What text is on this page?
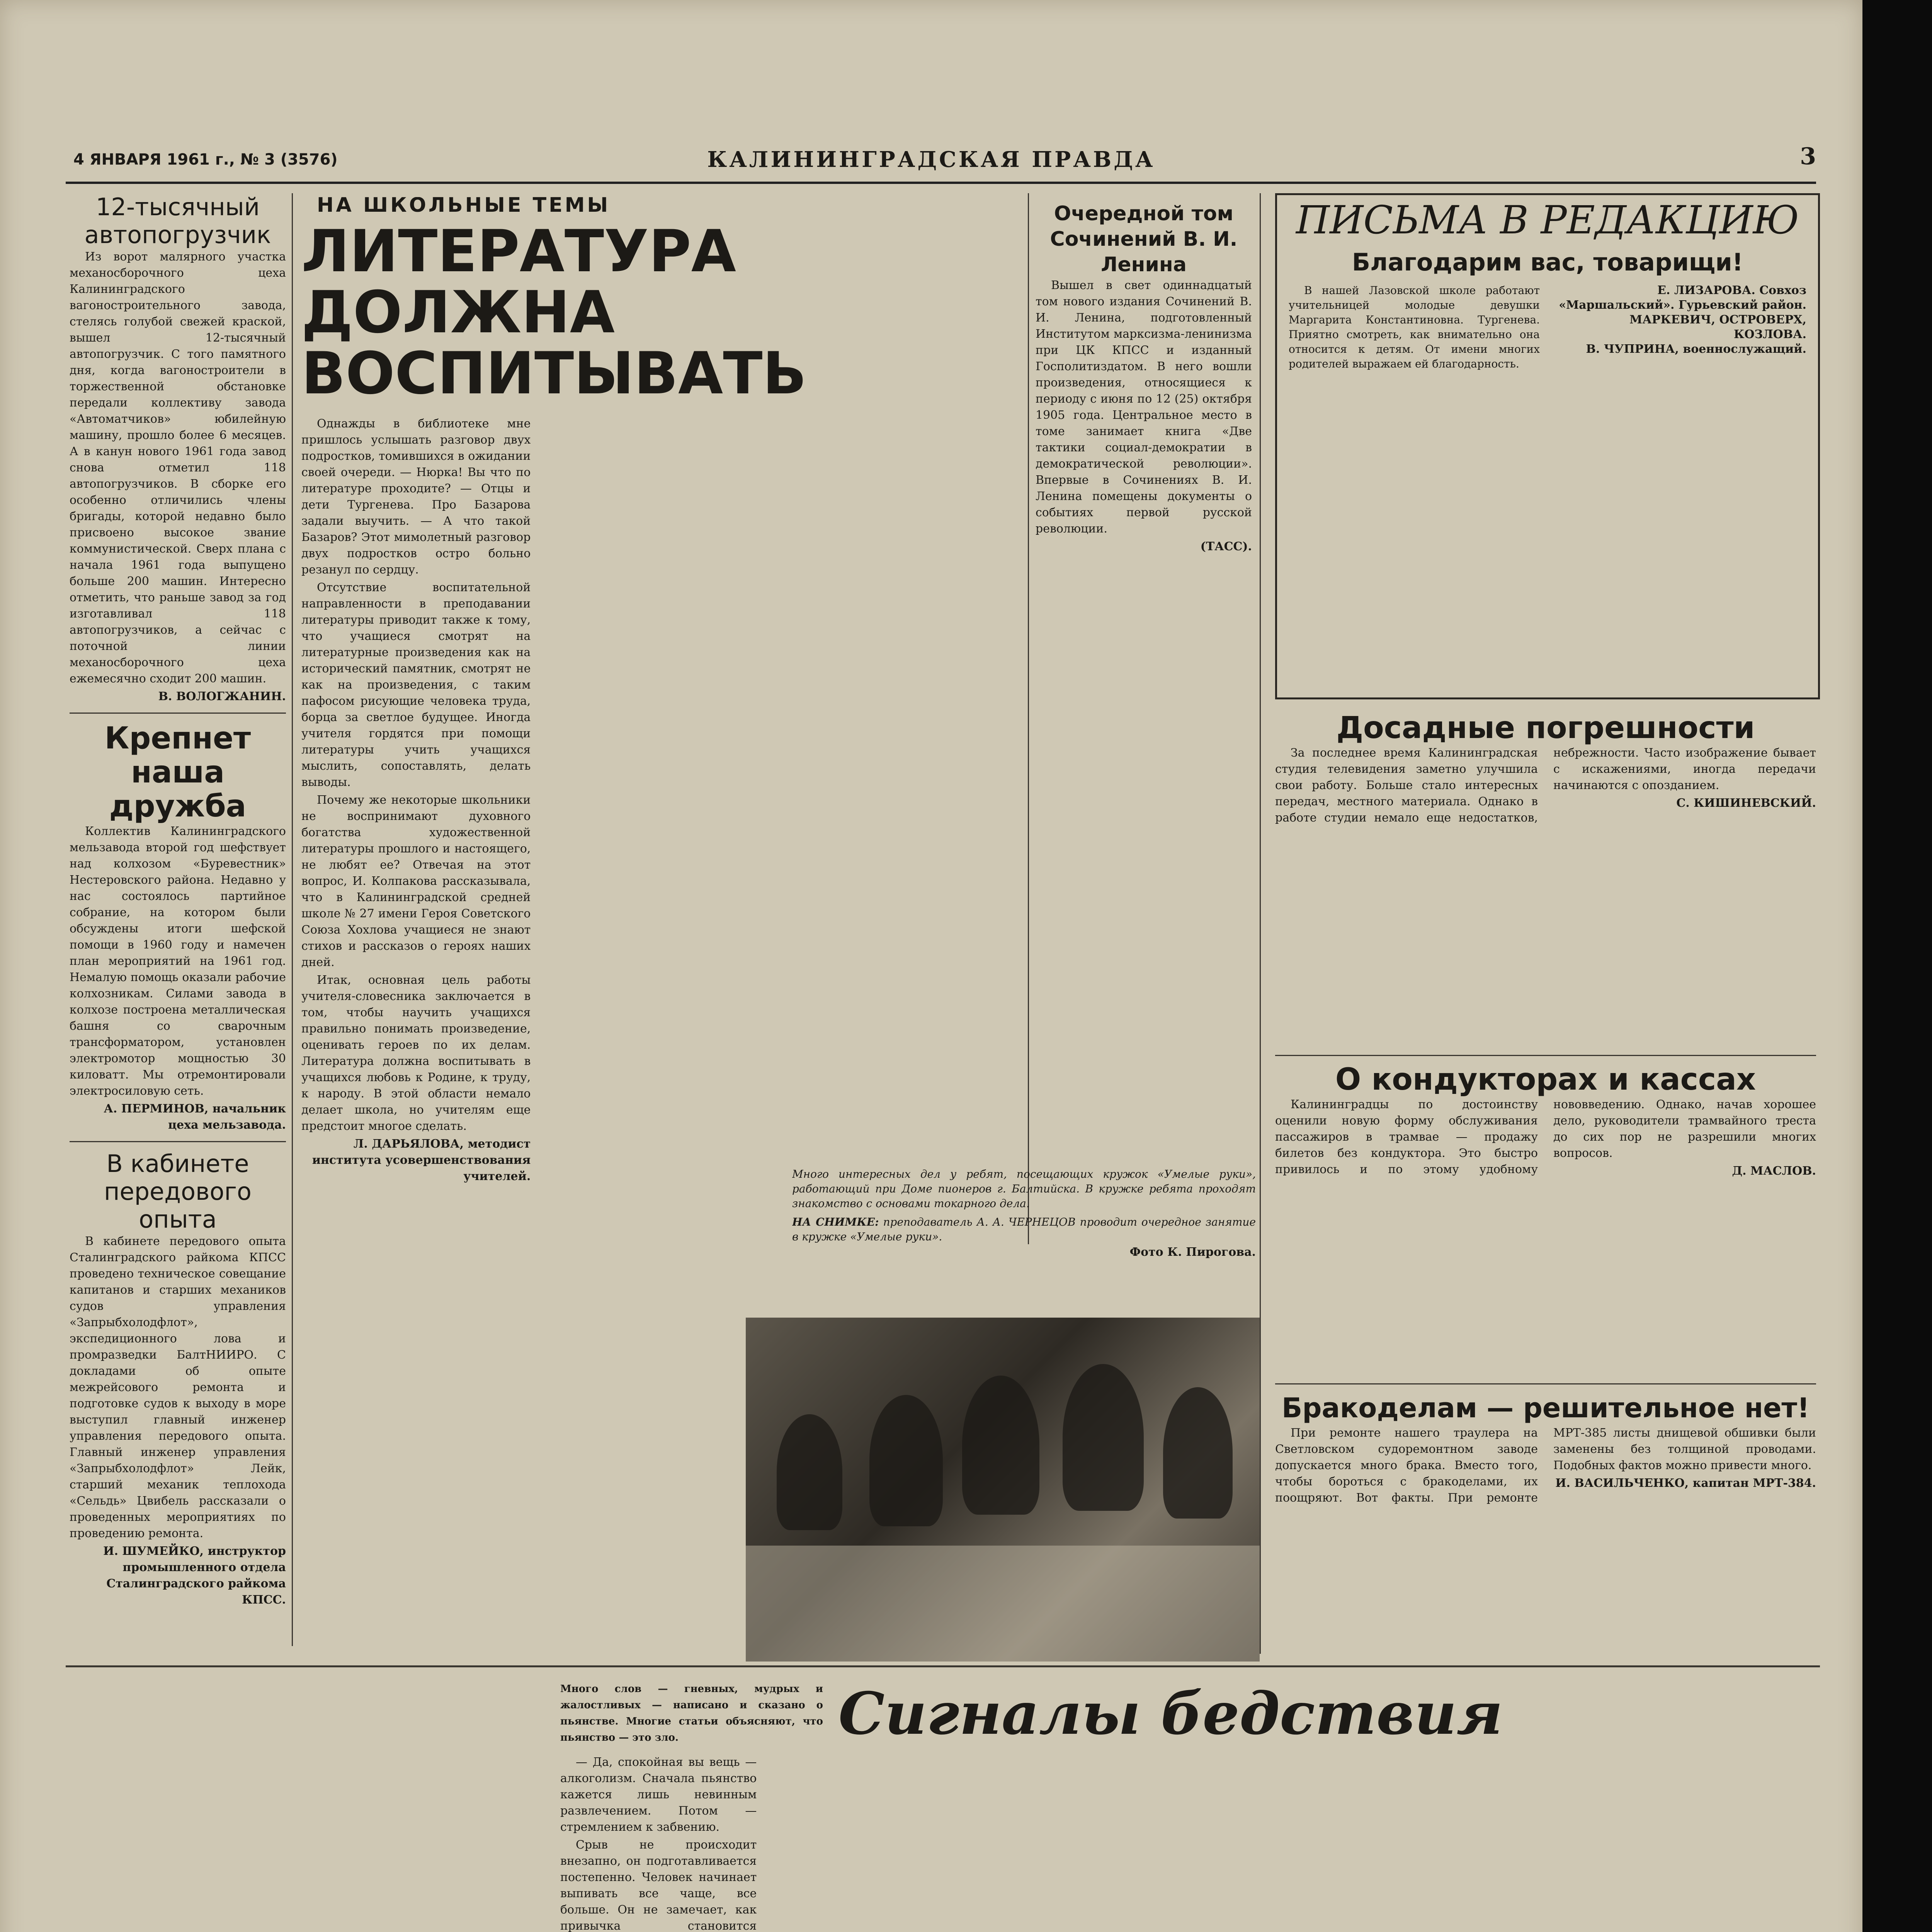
4 ЯНВАРЯ 1961 г., № 3 (3576)	КАЛИНИНГРАДСКАЯ ПРАВДА	3
12-тысячный автопогрузчик

Из ворот малярного участка механосборочного цеха Калининградского вагоностроительного завода, стелясь голубой свежей краской, вышел 12-тысячный автопогрузчик. С того памятного дня, когда вагоностроители в торжественной обстановке передали коллективу завода «Автоматчиков» юбилейную машину, прошло более 6 месяцев. А в канун нового 1961 года завод снова отметил 118 автопогрузчиков. В сборке его особенно отличились члены бригады, которой недавно было присвоено высокое звание коммунистической. Сверх плана с начала 1961 года выпущено больше 200 машин. Интересно отметить, что раньше завод за год изготавливал 118 автопогрузчиков, а сейчас с поточной линии механосборочного цеха ежемесячно сходит 200 машин.

В. ВОЛОГЖАНИН.
Крепнет наша дружба

Коллектив Калининградского мельзавода второй год шефствует над колхозом «Буревестник» Нестеровского района. Недавно у нас состоялось партийное собрание, на котором были обсуждены итоги шефской помощи в 1960 году и намечен план мероприятий на 1961 год. Немалую помощь оказали рабочие колхозникам. Силами завода в колхозе построена металлическая башня со сварочным трансформатором, установлен электромотор мощностью 30 киловатт. Мы отремонтировали электросиловую сеть.

А. ПЕРМИНОВ, начальник цеха мельзавода.
В кабинете передового опыта

В кабинете передового опыта Сталинградского райкома КПСС проведено техническое совещание капитанов и старших механиков судов управления «Запрыбхолодфлот», экспедиционного лова и промразведки БалтНИИРО. С докладами об опыте межрейсового ремонта и подготовке судов к выходу в море выступил главный инженер управления передового опыта. Главный инженер управления «Запрыбхолодфлот» Лейк, старший механик теплохода «Сельдь» Цвибель рассказали о проведенных мероприятиях по проведению ремонта.

И. ШУМЕЙКО, инструктор промышленного отдела Сталинградского райкома КПСС.
НА ШКОЛЬНЫЕ ТЕМЫ
ЛИТЕРАТУРА ДОЛЖНА ВОСПИТЫВАТЬ

Однажды в библиотеке мне пришлось услышать разговор двух подростков, томившихся в ожидании своей очереди. — Нюрка! Вы что по литературе проходите? — Отцы и дети Тургенева. Про Базарова задали выучить. — А что такой Базаров? Этот мимолетный разговор двух подростков остро больно резанул по сердцу.

Отсутствие воспитательной направленности в преподавании литературы приводит также к тому, что учащиеся смотрят на литературные произведения как на исторический памятник, смотрят не как на произведения, с таким пафосом рисующие человека труда, борца за светлое будущее. Иногда учителя гордятся при помощи литературы учить учащихся мыслить, сопоставлять, делать выводы.

Почему же некоторые школьники не воспринимают духовного богатства художественной литературы прошлого и настоящего, не любят ее? Отвечая на этот вопрос, И. Колпакова рассказывала, что в Калининградской средней школе № 27 имени Героя Советского Союза Хохлова учащиеся не знают стихов и рассказов о героях наших дней.

Итак, основная цель работы учителя-словесника заключается в том, чтобы научить учащихся правильно понимать произведение, оценивать героев по их делам. Литература должна воспитывать в учащихся любовь к Родине, к труду, к народу. В этой области немало делает школа, но учителям еще предстоит многое сделать.

Л. ДАРЬЯЛОВА, методист института усовершенствования учителей.
Очередной том Сочинений В. И. Ленина

Вышел в свет одиннадцатый том нового издания Сочинений В. И. Ленина, подготовленный Институтом марксизма-ленинизма при ЦК КПСС и изданный Госполитиздатом. В него вошли произведения, относящиеся к периоду с июня по 12 (25) октября 1905 года. Центральное место в томе занимает книга «Две тактики социал-демократии в демократической революции». Впервые в Сочинениях В. И. Ленина помещены документы о событиях первой русской революции.

(ТАСС).
Много интересных дел у ребят, посещающих кружок «Умелые руки», работающий при Доме пионеров г. Балтийска. В кружке ребята проходят знакомство с основами токарного дела.
НА СНИМКЕ: преподаватель А. А. ЧЕРНЕЦОВ проводит очередное занятие в кружке «Умелые руки».
Фото К. Пирогова.
ПИСЬМА В РЕДАКЦИЮ
Благодарим вас, товарищи!

В нашей Лазовской школе работают учительницей молодые девушки Маргарита Константиновна. Тургенева. Приятно смотреть, как внимательно она относится к детям. От имени многих родителей выражаем ей благодарность.

Е. ЛИЗАРОВА. Совхоз «Маршальский». Гурьевский район.
МАРКЕВИЧ, ОСТРОВЕРХ, КОЗЛОВА.
В. ЧУПРИНА, военнослужащий.
Досадные погрешности

За последнее время Калининградская студия телевидения заметно улучшила свои работу. Больше стало интересных передач, местного материала. Однако в работе студии немало еще недостатков, небрежности. Часто изображение бывает с искажениями, иногда передачи начинаются с опозданием.

С. КИШИНЕВСКИЙ.
О кондукторах и кассах

Калининградцы по достоинству оценили новую форму обслуживания пассажиров в трамвае — продажу билетов без кондуктора. Это быстро привилось и по этому удобному нововведению. Однако, начав хорошее дело, руководители трамвайного треста до сих пор не разрешили многих вопросов.

Д. МАСЛОВ.
Бракоделам — решительное нет!

При ремонте нашего траулера на Светловском судоремонтном заводе допускается много брака. Вместо того, чтобы бороться с бракоделами, их поощряют. Вот факты. При ремонте МРТ-385 листы днищевой обшивки были заменены без толщиной проводами. Подобных фактов можно привести много.

И. ВАСИЛЬЧЕНКО, капитан МРТ-384.

Много слов — гневных, мудрых и жалостливых — написано и сказано о пьянстве. Многие статьи объясняют, что пьянство — это зло.	Сигналы бедствия

— Да, спокойная вы вещь — алкоголизм. Сначала пьянство кажется лишь невинным развлечением. Потом — стремлением к забвению.

Срыв не происходит внезапно, он подготавливается постепенно. Человек начинает выпивать все чаще, все больше. Он не замечает, как привычка становится
